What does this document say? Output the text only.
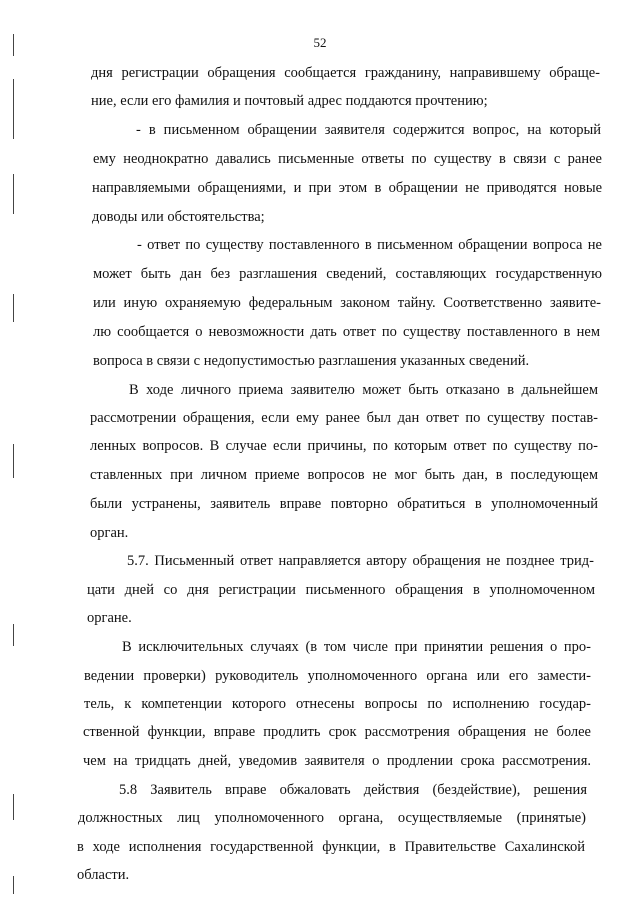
52
дня регистрации обращения сообщается гражданину, направившему обраще-
ние, если его фамилия и почтовый адрес поддаются прочтению;
- в письменном обращении заявителя содержится вопрос, на который
ему неоднократно давались письменные ответы по существу в связи с ранее
направляемыми обращениями, и при этом в обращении не приводятся новые
доводы или обстоятельства;
- ответ по существу поставленного в письменном обращении вопроса не
может быть дан без разглашения сведений, составляющих государственную
или иную охраняемую федеральным законом тайну. Соответственно заявите-
лю сообщается о невозможности дать ответ по существу поставленного в нем
вопроса в связи с недопустимостью разглашения указанных сведений.
В ходе личного приема заявителю может быть отказано в дальнейшем
рассмотрении обращения, если ему ранее был дан ответ по существу постав-
ленных вопросов. В случае если причины, по которым ответ по существу по-
ставленных при личном приеме вопросов не мог быть дан, в последующем
были устранены, заявитель вправе повторно обратиться в уполномоченный
орган.
5.7. Письменный ответ направляется автору обращения не позднее трид-
цати дней со дня регистрации письменного обращения в уполномоченном
органе.
В исключительных случаях (в том числе при принятии решения о про-
ведении проверки) руководитель уполномоченного органа или его замести-
тель, к компетенции которого отнесены вопросы по исполнению государ-
ственной функции, вправе продлить срок рассмотрения обращения не более
чем на тридцать дней, уведомив заявителя о продлении срока рассмотрения.
5.8 Заявитель вправе обжаловать действия (бездействие), решения
должностных лиц уполномоченного органа, осуществляемые (принятые)
в ходе исполнения государственной функции, в Правительстве Сахалинской
области.
